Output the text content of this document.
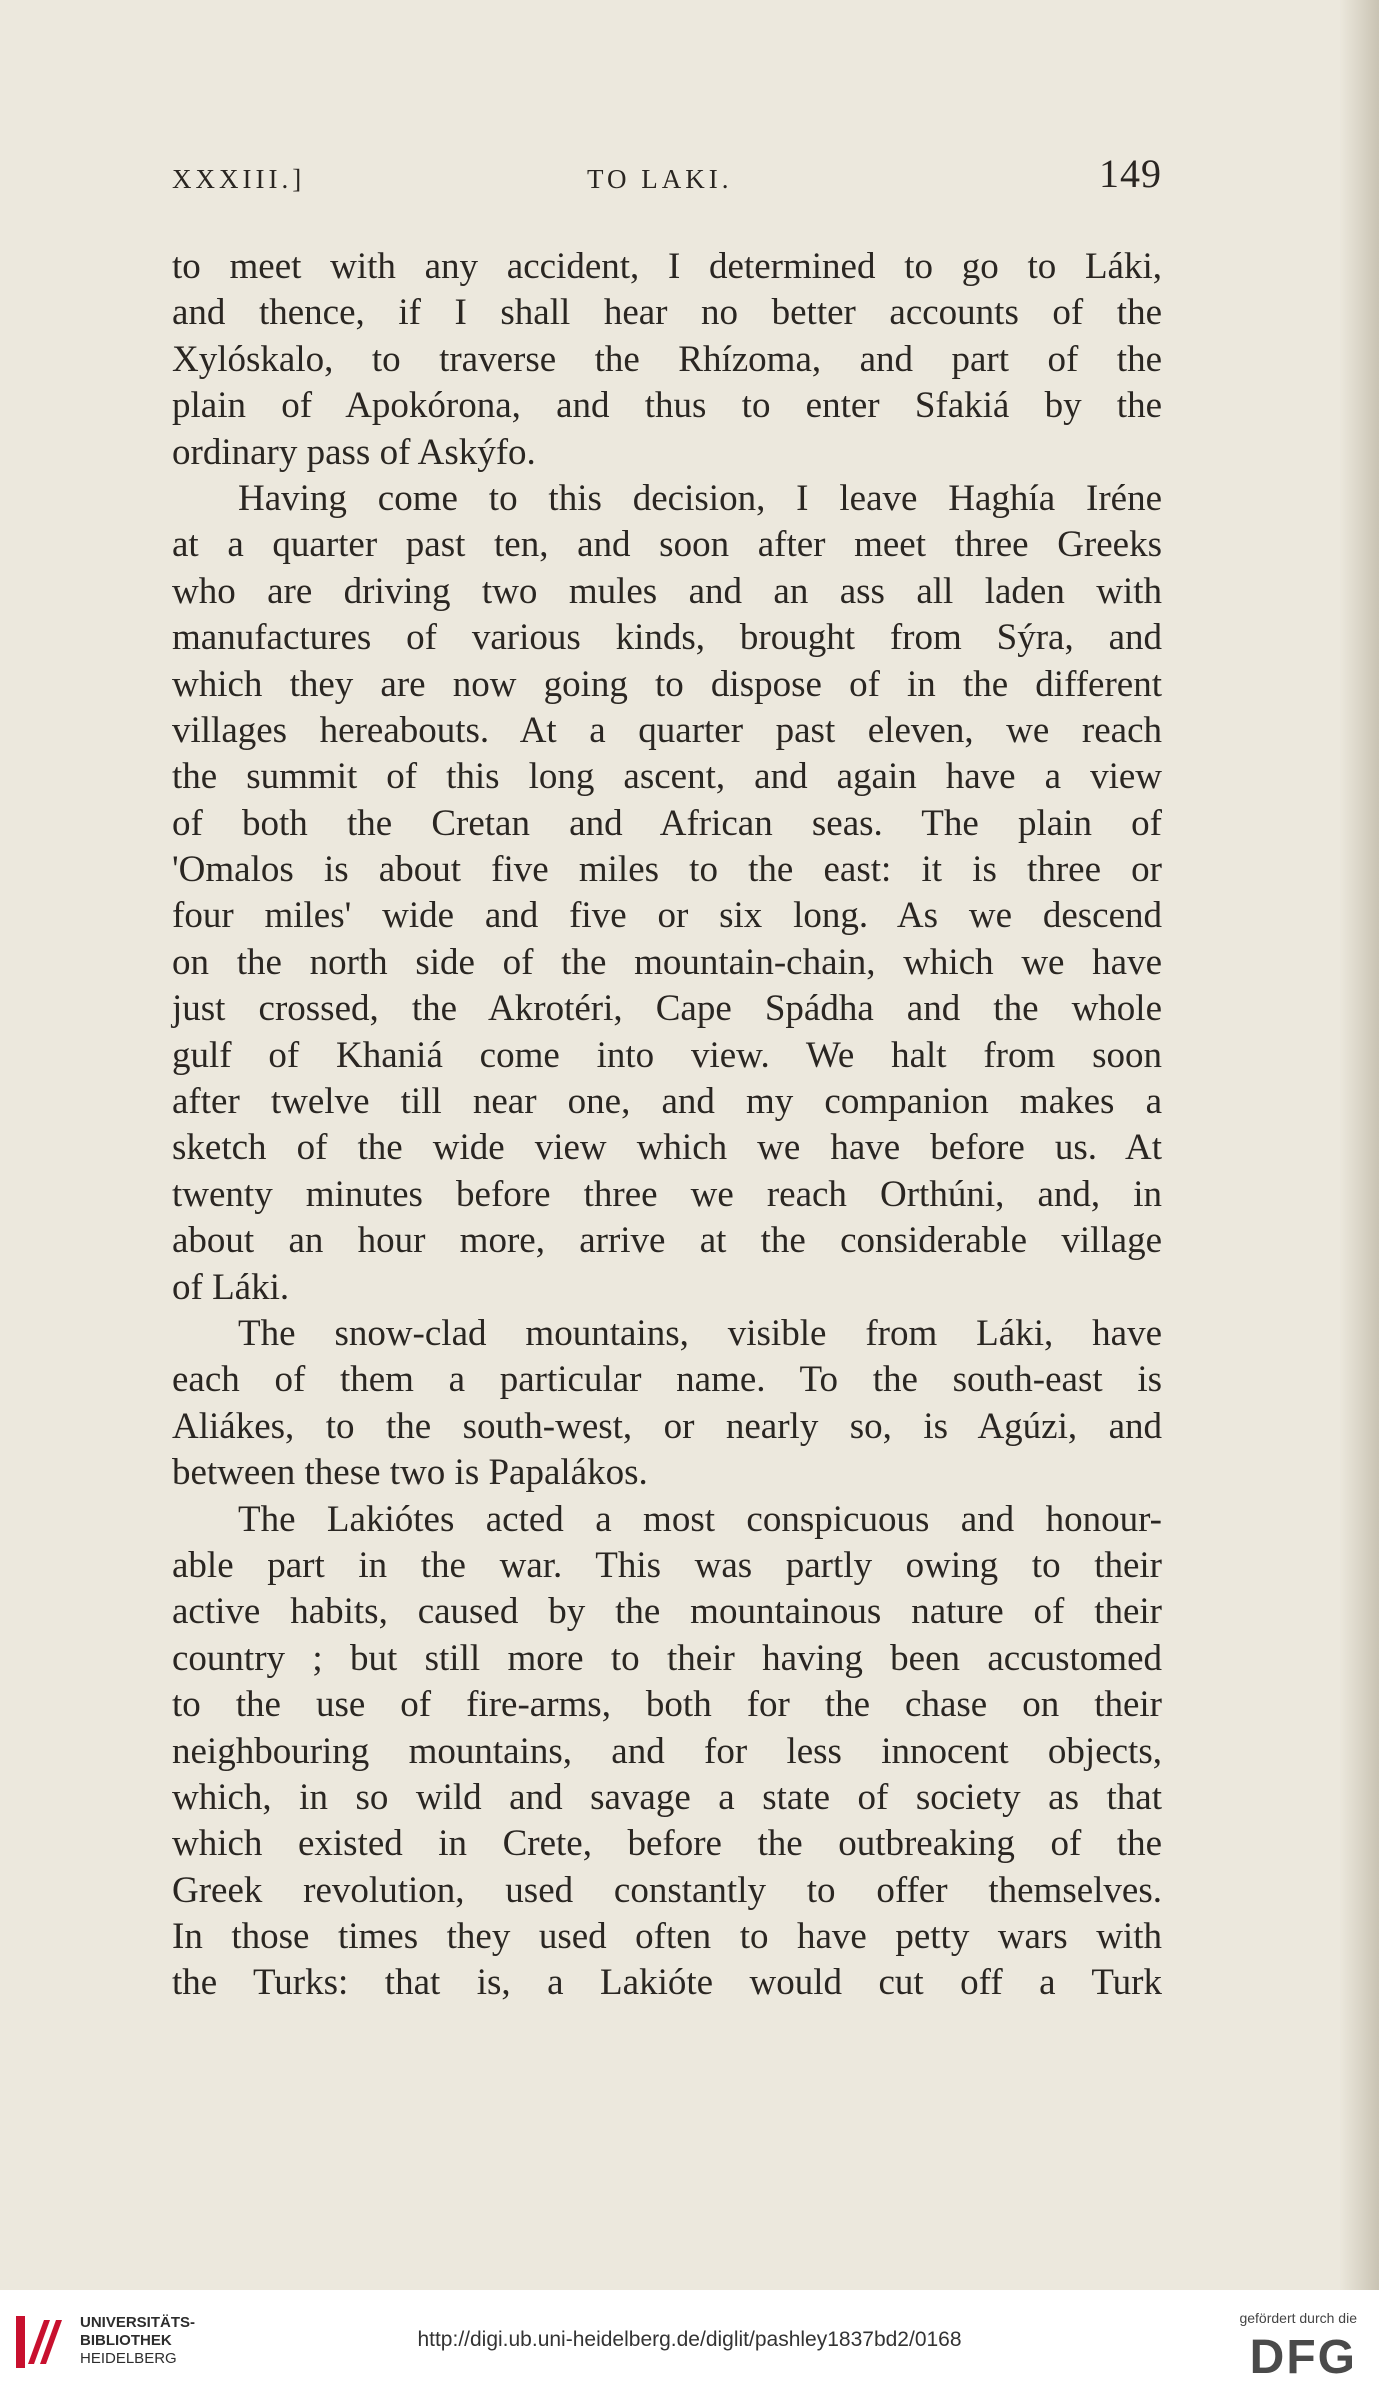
XXXIII.]	TO LAKI.	149
to meet with any accident, I determined to go to Láki,
and thence, if I shall hear no better accounts of the
Xylóskalo, to traverse the Rhízoma, and part of the
plain of Apokórona, and thus to enter Sfakiá by the
ordinary pass of Askýfo.
Having come to this decision, I leave Haghía Iréne
at a quarter past ten, and soon after meet three Greeks
who are driving two mules and an ass all laden with
manufactures of various kinds, brought from Sýra, and
which they are now going to dispose of in the different
villages hereabouts. At a quarter past eleven, we reach
the summit of this long ascent, and again have a view
of both the Cretan and African seas. The plain of
'Omalos is about five miles to the east: it is three or
four miles' wide and five or six long. As we descend
on the north side of the mountain-chain, which we have
just crossed, the Akrotéri, Cape Spádha and the whole
gulf of Khaniá come into view. We halt from soon
after twelve till near one, and my companion makes a
sketch of the wide view which we have before us. At
twenty minutes before three we reach Orthúni, and, in
about an hour more, arrive at the considerable village
of Láki.
The snow-clad mountains, visible from Láki, have
each of them a particular name. To the south-east is
Aliákes, to the south-west, or nearly so, is Agúzi, and
between these two is Papalákos.
The Lakiótes acted a most conspicuous and honour-
able part in the war. This was partly owing to their
active habits, caused by the mountainous nature of their
country ; but still more to their having been accustomed
to the use of fire-arms, both for the chase on their
neighbouring mountains, and for less innocent objects,
which, in so wild and savage a state of society as that
which existed in Crete, before the outbreaking of the
Greek revolution, used constantly to offer themselves.
In those times they used often to have petty wars with
the Turks: that is, a Lakióte would cut off a Turk
UNIVERSITÄTS-
BIBLIOTHEK
HEIDELBERG
http://digi.ub.uni-heidelberg.de/diglit/pashley1837bd2/0168
gefördert durch die
DFG
